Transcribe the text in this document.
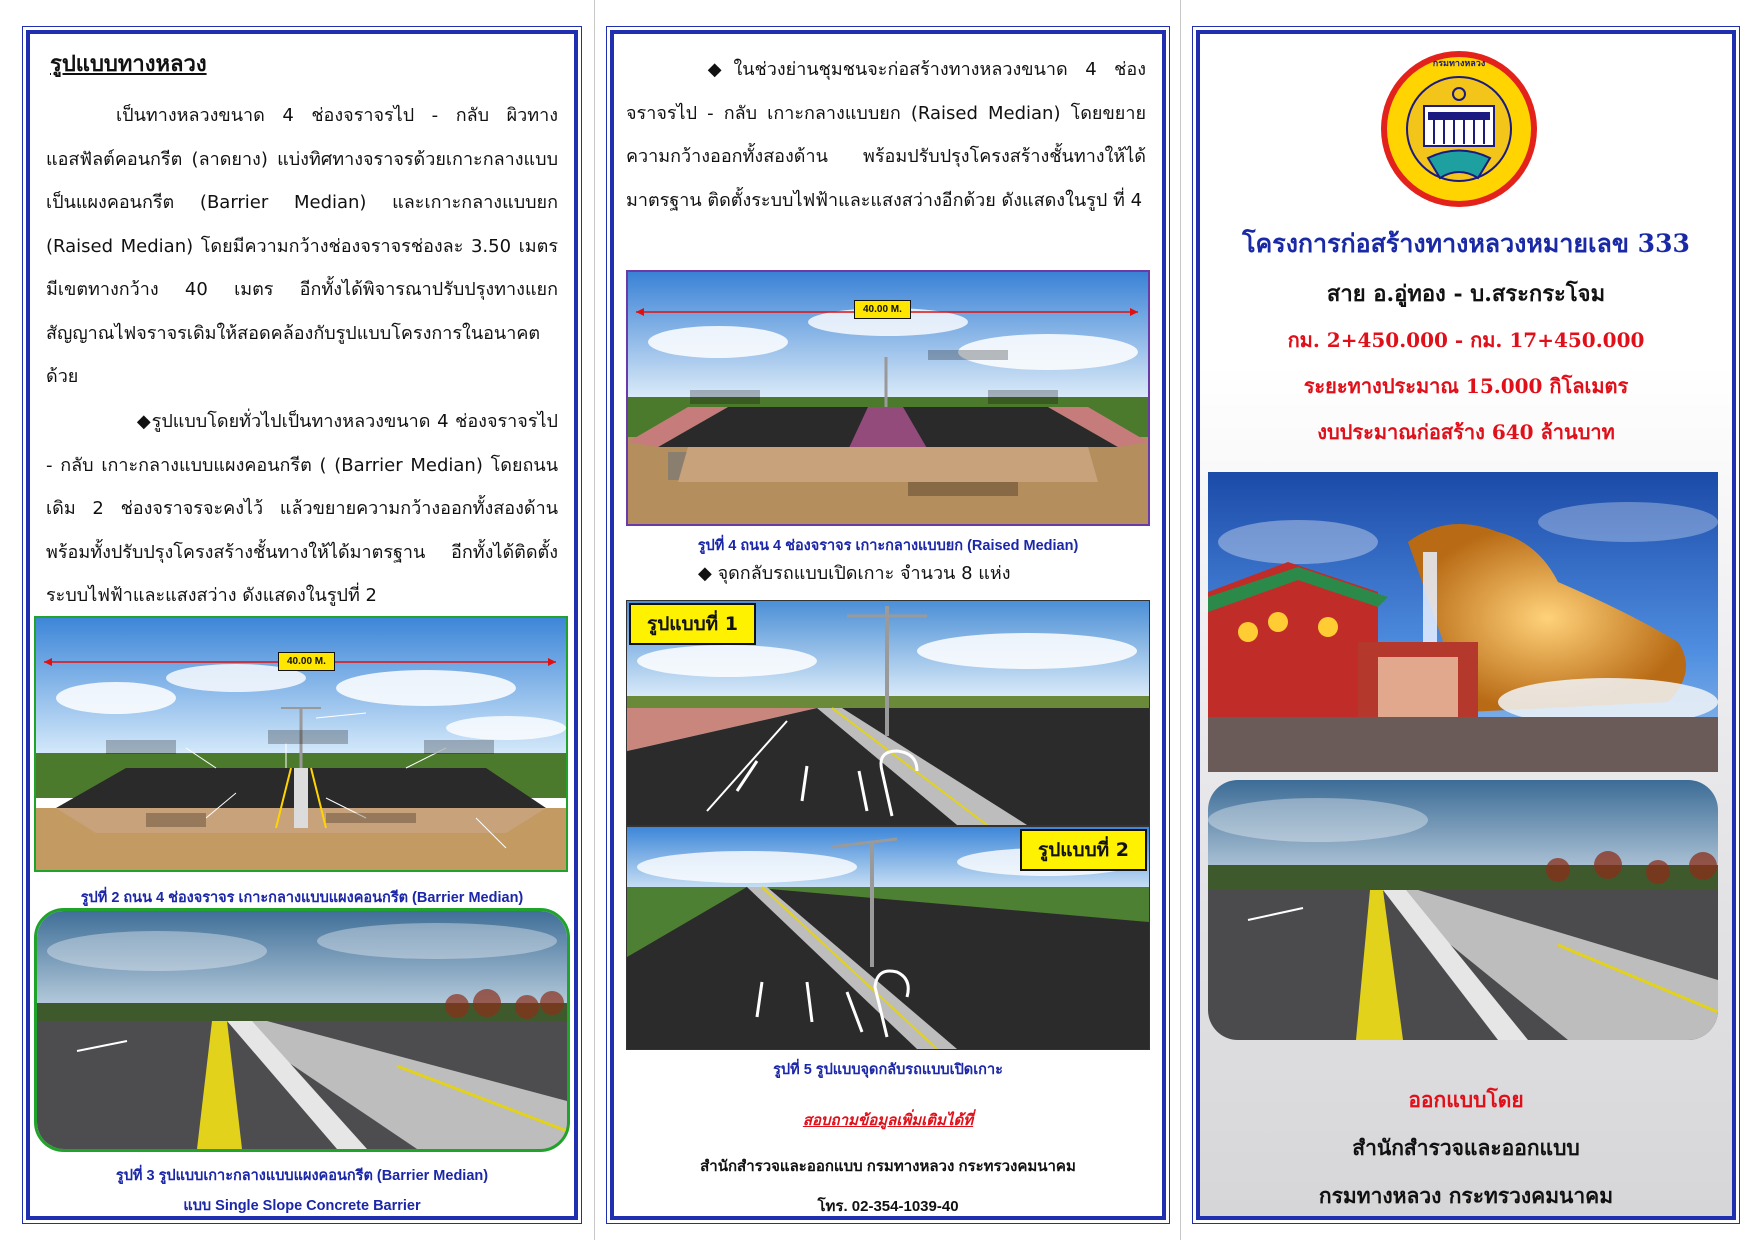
รูปแบบทางหลวง
เป็นทางหลวงขนาด 4 ช่องจราจรไป - กลับ ผิวทางแอสฟัลต์คอนกรีต (ลาดยาง) แบ่งทิศทางจราจรด้วยเกาะกลางแบบเป็นแผงคอนกรีต (Barrier Median) และเกาะกลางแบบยก (Raised Median) โดยมีความกว้างช่องจราจรช่องละ 3.50 เมตร มีเขตทางกว้าง 40 เมตร อีกทั้งได้พิจารณาปรับปรุงทางแยกสัญญาณไฟจราจรเดิมให้สอดคล้องกับรูปแบบโครงการในอนาคตด้วย
◆รูปแบบโดยทั่วไปเป็นทางหลวงขนาด 4 ช่องจราจรไป - กลับ เกาะกลางแบบแผงคอนกรีต ( (Barrier Median) โดยถนนเดิม 2 ช่องจราจรจะคงไว้ แล้วขยายความกว้างออกทั้งสองด้านพร้อมทั้งปรับปรุงโครงสร้างชั้นทางให้ได้มาตรฐาน อีกทั้งได้ติดตั้งระบบไฟฟ้าและแสงสว่าง ดังแสดงในรูปที่ 2
40.00 M.
รูปที่ 2 ถนน 4 ช่องจราจร เกาะกลางแบบแผงคอนกรีต (Barrier Median)
รูปที่ 3 รูปแบบเกาะกลางแบบแผงคอนกรีต (Barrier Median)
แบบ Single Slope Concrete Barrier
◆ในช่วงย่านชุมชนจะก่อสร้างทางหลวงขนาด 4 ช่องจราจรไป - กลับ เกาะกลางแบบยก (Raised Median) โดยขยายความกว้างออกทั้งสองด้าน พร้อมปรับปรุงโครงสร้างชั้นทางให้ได้มาตรฐาน ติดตั้งระบบไฟฟ้าและแสงสว่างอีกด้วย ดังแสดงในรูป ที่ 4
40.00 M.
รูปที่ 4 ถนน 4 ช่องจราจร เกาะกลางแบบยก (Raised Median)
◆ จุดกลับรถแบบเปิดเกาะ จำนวน 8 แห่ง
รูปแบบที่ 1
รูปแบบที่ 2
รูปที่ 5 รูปแบบจุดกลับรถแบบเปิดเกาะ
สอบถามข้อมูลเพิ่มเติมได้ที่
สำนักสำรวจและออกแบบ กรมทางหลวง กระทรวงคมนาคม
โทร. 02-354-1039-40
กรมทางหลวง
โครงการก่อสร้างทางหลวงหมายเลข 333
สาย อ.อู่ทอง - บ.สระกระโจม
กม. 2+450.000 - กม. 17+450.000
ระยะทางประมาณ 15.000 กิโลเมตร
งบประมาณก่อสร้าง 640 ล้านบาท
ออกแบบโดย
สำนักสำรวจและออกแบบ
กรมทางหลวง กระทรวงคมนาคม
